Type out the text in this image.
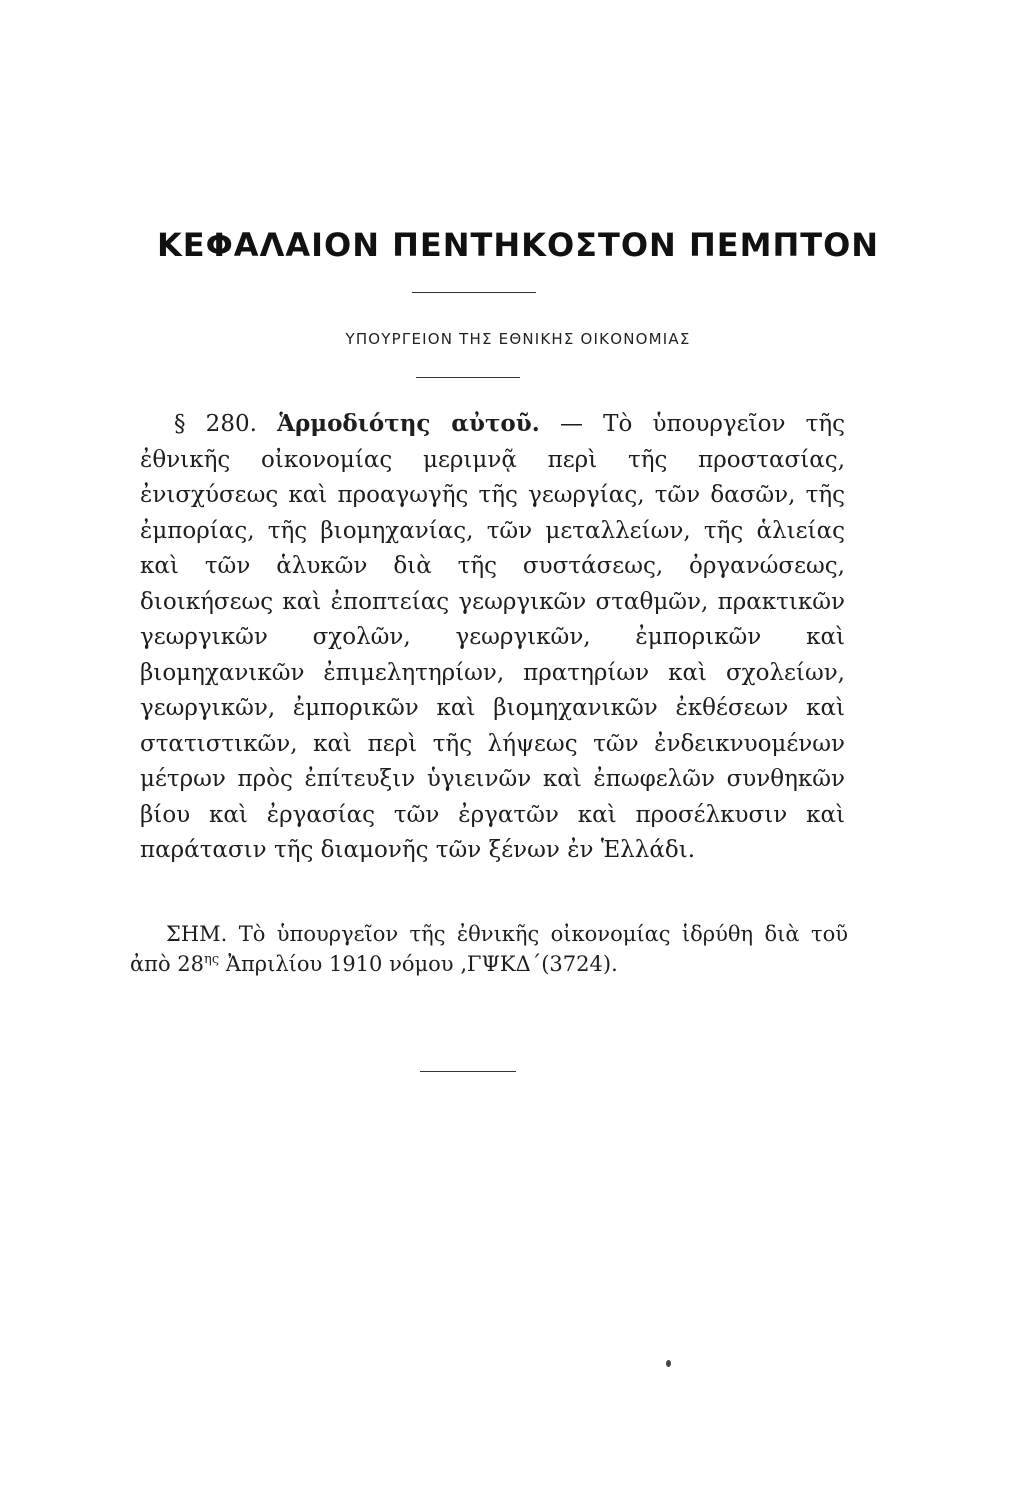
ΚΕΦΑΛΑΙΟΝ ΠΕΝΤΗΚΟΣΤΟΝ ΠΕΜΠΤΟΝ

ΥΠΟΥΡΓΕΙΟΝ ΤΗΣ ΕΘΝΙΚΗΣ ΟΙΚΟΝΟΜΙΑΣ

§ 280. Ἁρμοδιότης αὐτοῦ. — Τὸ ὑπουργεῖον τῆς ἐθνικῆς οἰκονομίας μεριμνᾷ περὶ τῆς προστασίας, ἐνισχύσεως καὶ προαγωγῆς τῆς γεωργίας, τῶν δασῶν, τῆς ἐμπορίας, τῆς βιομηχανίας, τῶν μεταλλείων, τῆς ἁλιείας καὶ τῶν ἁλυκῶν διὰ τῆς συστάσεως, ὀργανώσεως, διοικήσεως καὶ ἐποπτείας γεωργικῶν σταθμῶν, πρακτικῶν γεωργικῶν σχολῶν, γεωργικῶν, ἐμπορικῶν καὶ βιομηχανικῶν ἐπιμελητηρίων, πρατηρίων καὶ σχολείων, γεωργικῶν, ἐμπορικῶν καὶ βιομηχανικῶν ἐκθέσεων καὶ στατιστικῶν, καὶ περὶ τῆς λήψεως τῶν ἐνδεικνυομένων μέτρων πρὸς ἐπίτευξιν ὑγιεινῶν καὶ ἐπωφελῶν συνθηκῶν βίου καὶ ἐργασίας τῶν ἐργατῶν καὶ προσέλκυσιν καὶ παράτασιν τῆς διαμονῆς τῶν ξένων ἐν Ἑλλάδι.

ΣΗΜ. Τὸ ὑπουργεῖον τῆς ἐθνικῆς οἰκονομίας ἱδρύθη διὰ τοῦ ἀπὸ $28^{\eta\varsigma}$ Ἀπριλίου 1910 νόμου ‚ΓΨΚΔ΄(3724).
